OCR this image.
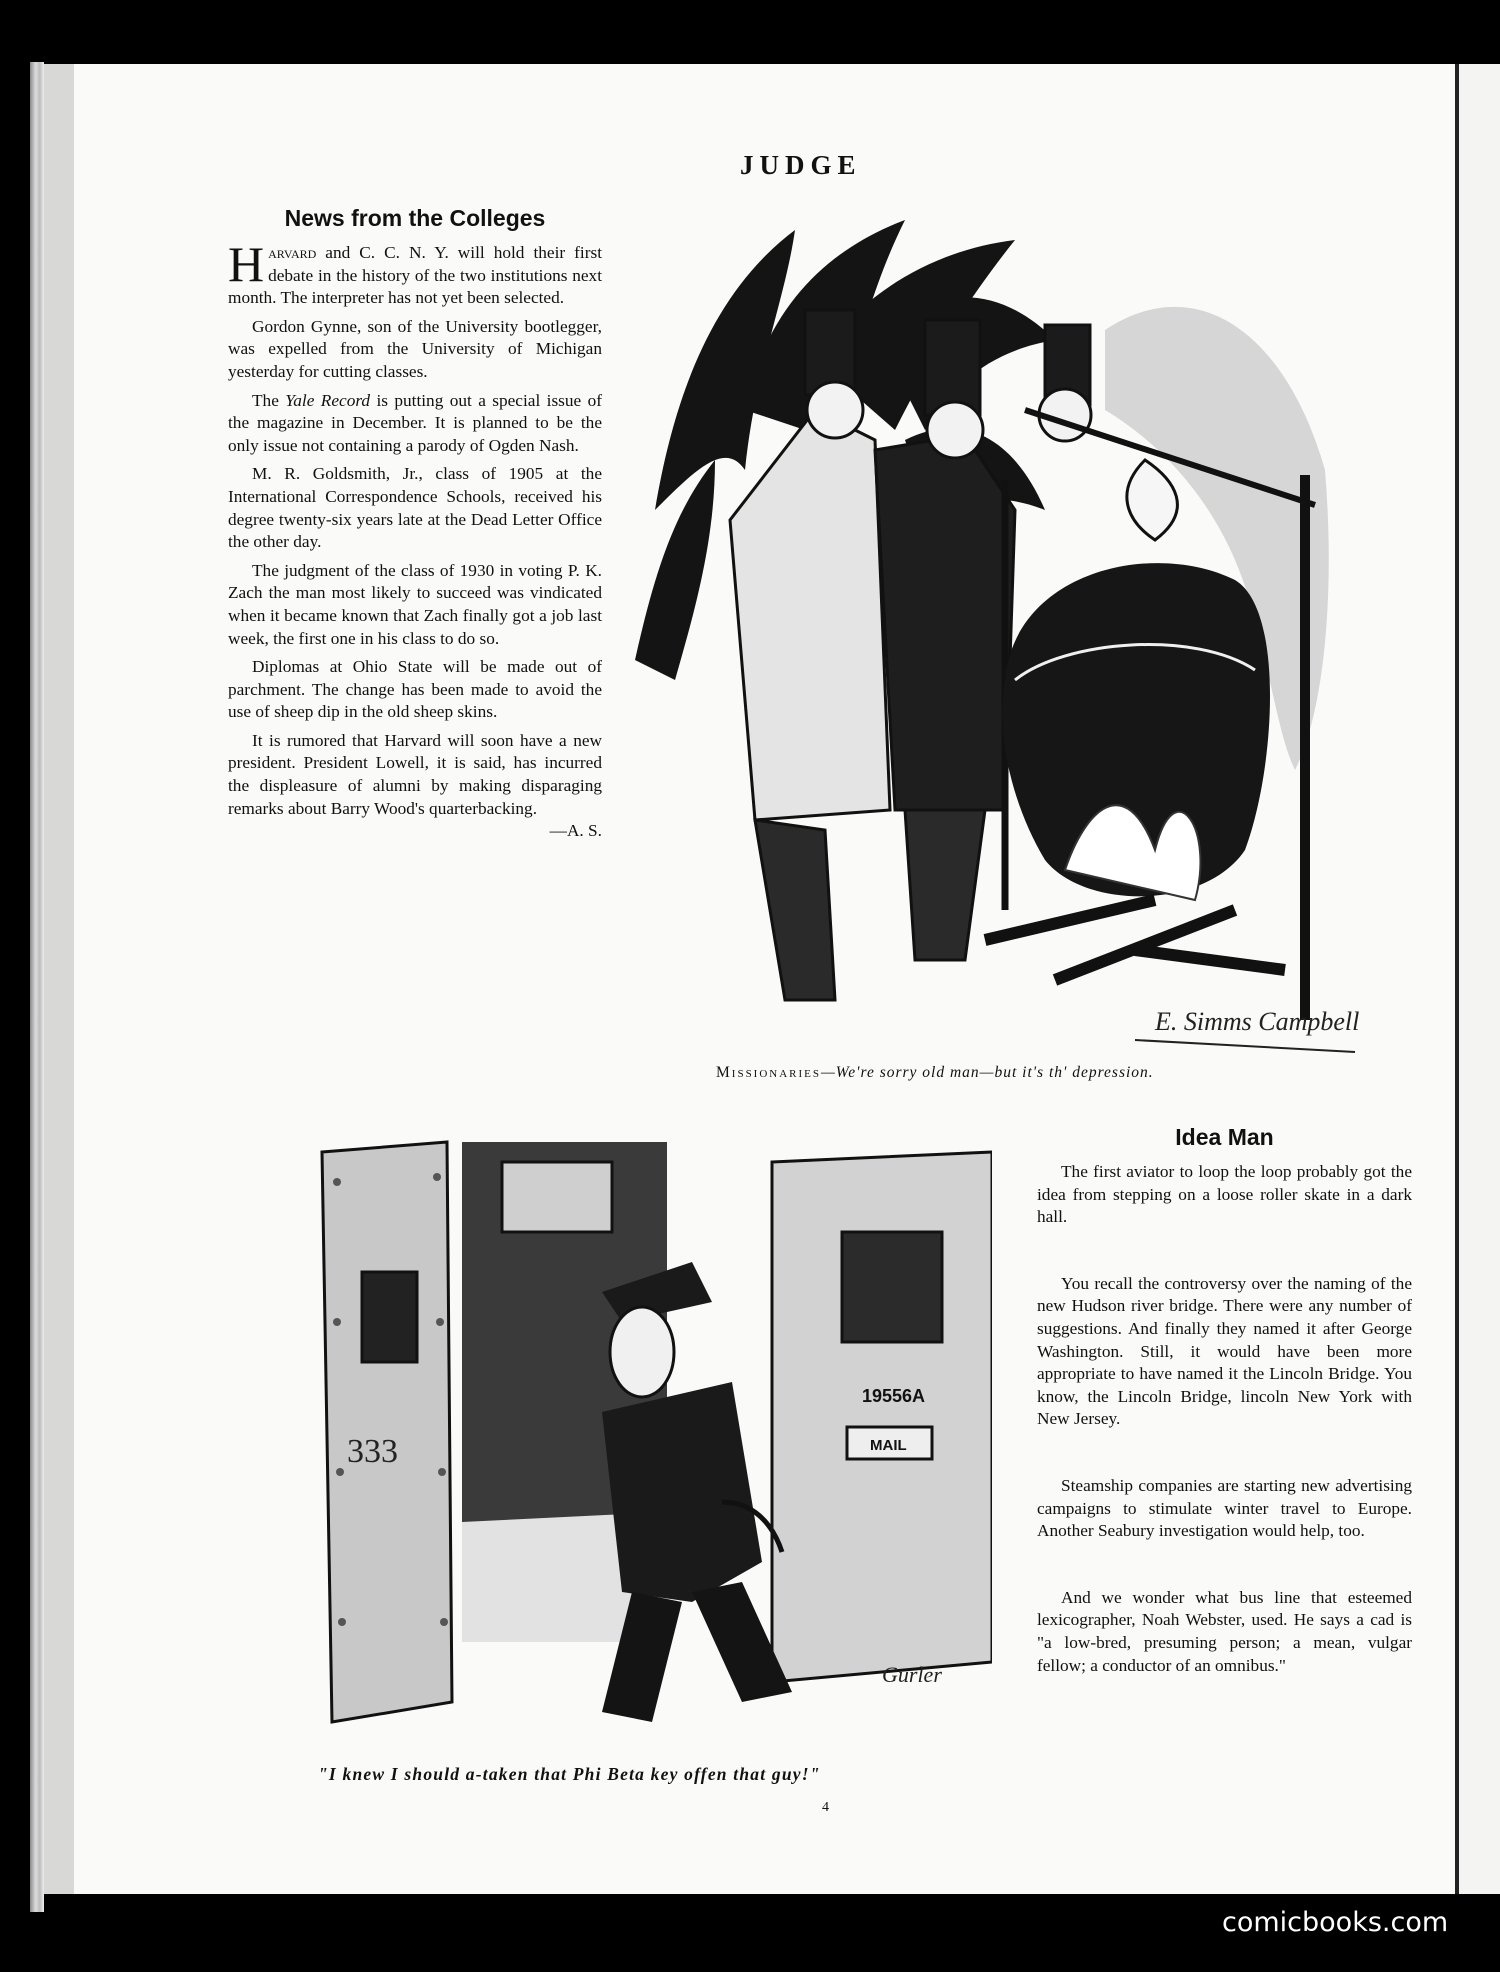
JUDGE
News from the Colleges

Harvard and C. C. N. Y. will hold their first debate in the history of the two institutions next month. The interpreter has not yet been selected.

Gordon Gynne, son of the University bootlegger, was expelled from the University of Michigan yesterday for cutting classes.

The Yale Record is putting out a special issue of the magazine in December. It is planned to be the only issue not containing a parody of Ogden Nash.

M. R. Goldsmith, Jr., class of 1905 at the International Correspondence Schools, received his degree twenty-six years late at the Dead Letter Office the other day.

The judgment of the class of 1930 in voting P. K. Zach the man most likely to succeed was vindicated when it became known that Zach finally got a job last week, the first one in his class to do so.

Diplomas at Ohio State will be made out of parchment. The change has been made to avoid the use of sheep dip in the old sheep skins.

It is rumored that Harvard will soon have a new president. President Lowell, it is said, has incurred the displeasure of alumni by making disparaging remarks about Barry Wood's quarterbacking.
—A. S.

E. Simms Campbell
Missionaries—We're sorry old man—but it's th' depression.
333
19556A
MAIL
Gurler
"I knew I should a-taken that Phi Beta key offen that guy!"
Idea Man

The first aviator to loop the loop probably got the idea from stepping on a loose roller skate in a dark hall.

You recall the controversy over the naming of the new Hudson river bridge. There were any number of suggestions. And finally they named it after George Washington. Still, it would have been more appropriate to have named it the Lincoln Bridge. You know, the Lincoln Bridge, lincoln New York with New Jersey.

Steamship companies are starting new advertising campaigns to stimulate winter travel to Europe. Another Seabury investigation would help, too.

And we wonder what bus line that esteemed lexicographer, Noah Webster, used. He says a cad is "a low-bred, presuming person; a mean, vulgar fellow; a conductor of an omnibus."

4
comicbooks.com
